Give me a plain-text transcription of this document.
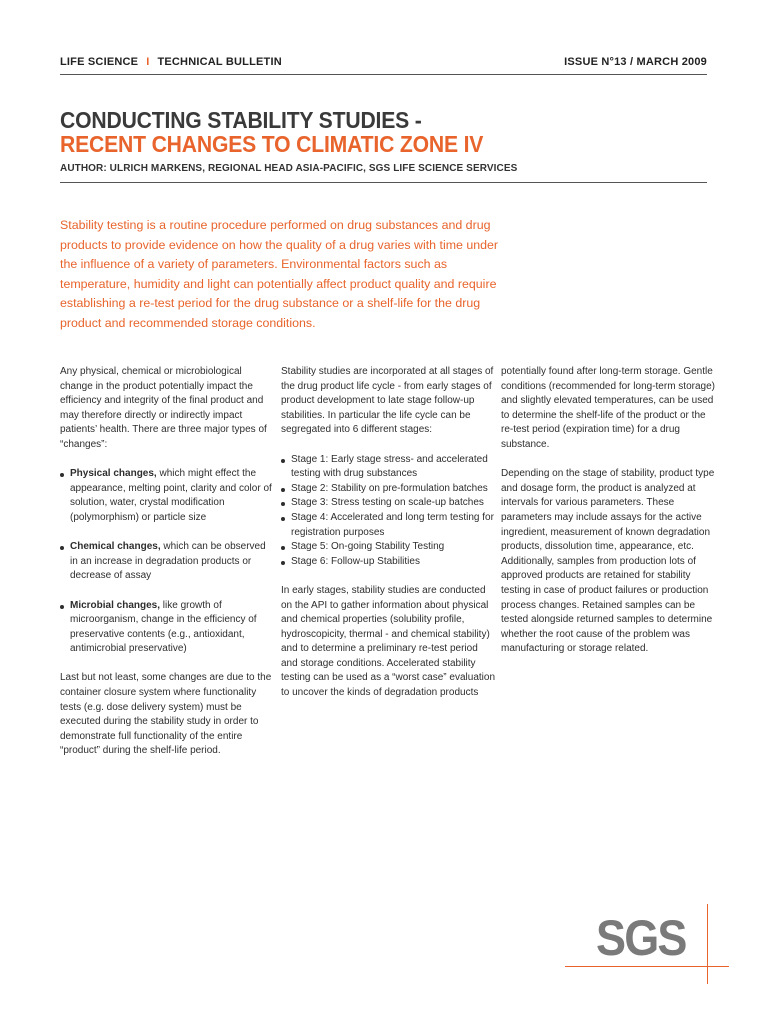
LIFE SCIENCE I TECHNICAL BULLETIN	ISSUE N°13 / MARCH 2009
CONDUCTING STABILITY STUDIES -
RECENT CHANGES TO CLIMATIC ZONE IV
AUTHOR: ULRICH MARKENS, REGIONAL HEAD ASIA-PACIFIC, SGS LIFE SCIENCE SERVICES
Stability testing is a routine procedure performed on drug substances and drug products to provide evidence on how the quality of a drug varies with time under the influence of a variety of parameters. Environmental factors such as temperature, humidity and light can potentially affect product quality and require establishing a re-test period for the drug substance or a shelf-life for the drug product and recommended storage conditions.

Any physical, chemical or microbiological change in the product potentially impact the efficiency and integrity of the final product and may therefore directly or indirectly impact patients’ health. There are three major types of “changes”:

Physical changes, which might effect the appearance, melting point, clarity and color of solution, water, crystal modification (polymorphism) or particle size
Chemical changes, which can be observed in an increase in degradation products or decrease of assay
Microbial changes, like growth of microorganism, change in the efficiency of preservative contents (e.g., antioxidant, antimicrobial preservative)

Last but not least, some changes are due to the container closure system where functionality tests (e.g. dose delivery system) must be executed during the stability study in order to demonstrate full functionality of the entire “product” during the shelf-life period.

Stability studies are incorporated at all stages of the drug product life cycle - from early stages of product development to late stage follow-up stabilities. In particular the life cycle can be segregated into 6 different stages:

Stage 1: Early stage stress- and accelerated testing with drug substances
Stage 2: Stability on pre-formulation batches
Stage 3: Stress testing on scale-up batches
Stage 4: Accelerated and long term testing for registration purposes
Stage 5: On-going Stability Testing
Stage 6: Follow-up Stabilities

In early stages, stability studies are conducted on the API to gather information about physical and chemical properties (solubility profile, hydroscopicity, thermal - and chemical stability) and to determine a preliminary re-test period and storage conditions. Accelerated stability testing can be used as a “worst case” evaluation to uncover the kinds of degradation products

potentially found after long-term storage. Gentle conditions (recommended for long-term storage) and slightly elevated temperatures, can be used to determine the shelf-life of the product or the re-test period (expiration time) for a drug substance.

Depending on the stage of stability, product type and dosage form, the product is analyzed at intervals for various parameters. These parameters may include assays for the active ingredient, measurement of known degradation products, dissolution time, appearance, etc. Additionally, samples from production lots of approved products are retained for stability testing in case of product failures or production process changes. Retained samples can be tested alongside returned samples to determine whether the root cause of the problem was manufacturing or storage related.

SGS
